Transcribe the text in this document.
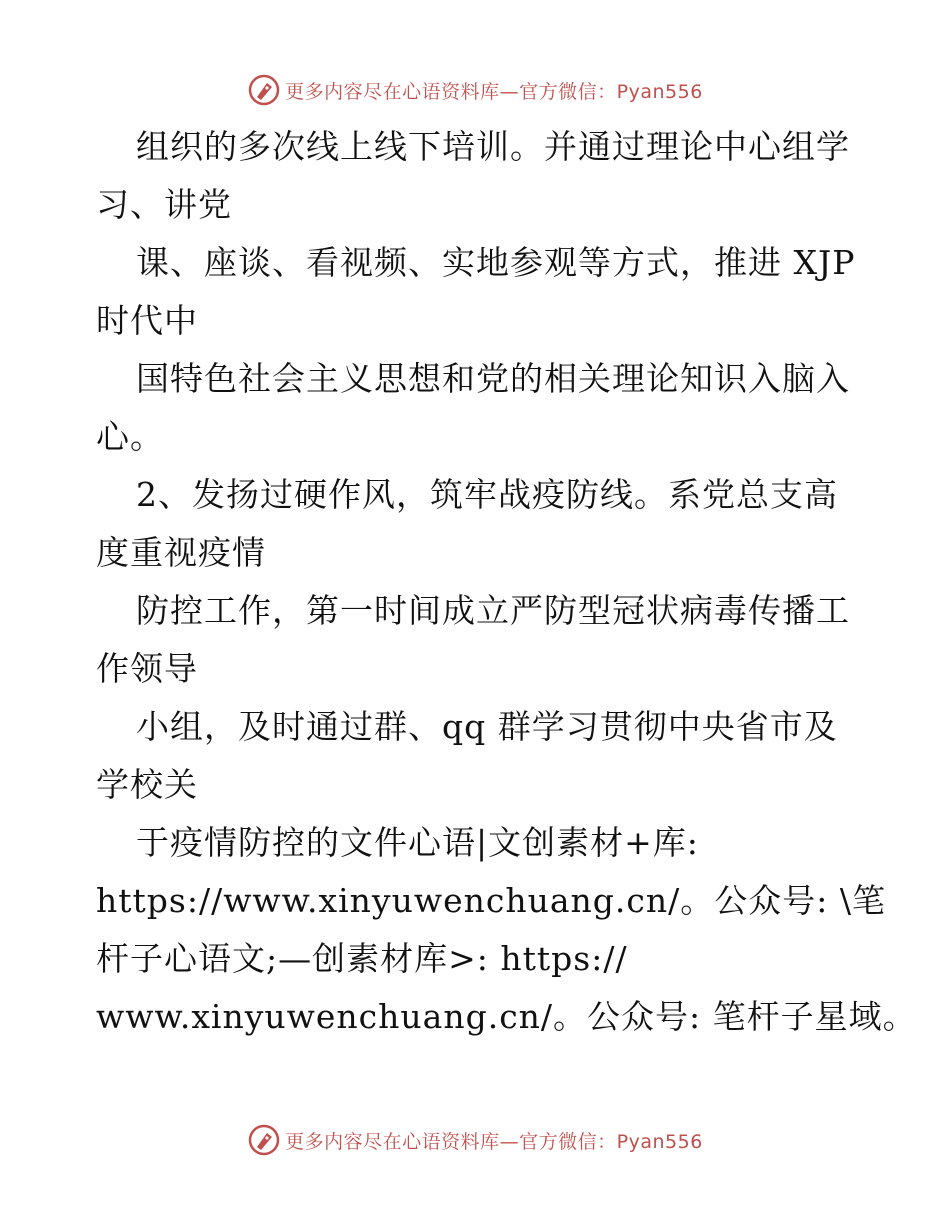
更多内容尽在心语资料库—官方微信：Pyan556
组织的多次线上线下培训。并通过理论中心组学
习、讲党
课、座谈、看视频、实地参观等方式，推进 XJP
时代中
国特色社会主义思想和党的相关理论知识入脑入
心。
2、发扬过硬作风，筑牢战疫防线。系党总支高
度重视疫情
防控工作，第一时间成立严防型冠状病毒传播工
作领导
小组，及时通过群、qq 群学习贯彻中央省市及
学校关
于疫情防控的文件心语|文创素材+库:
https://www.xinyuwenchuang.cn/。公众号: \笔
杆子心语文;—创素材库>: https://
www.xinyuwenchuang.cn/。公众号: 笔杆子星域。
更多内容尽在心语资料库—官方微信：Pyan556
